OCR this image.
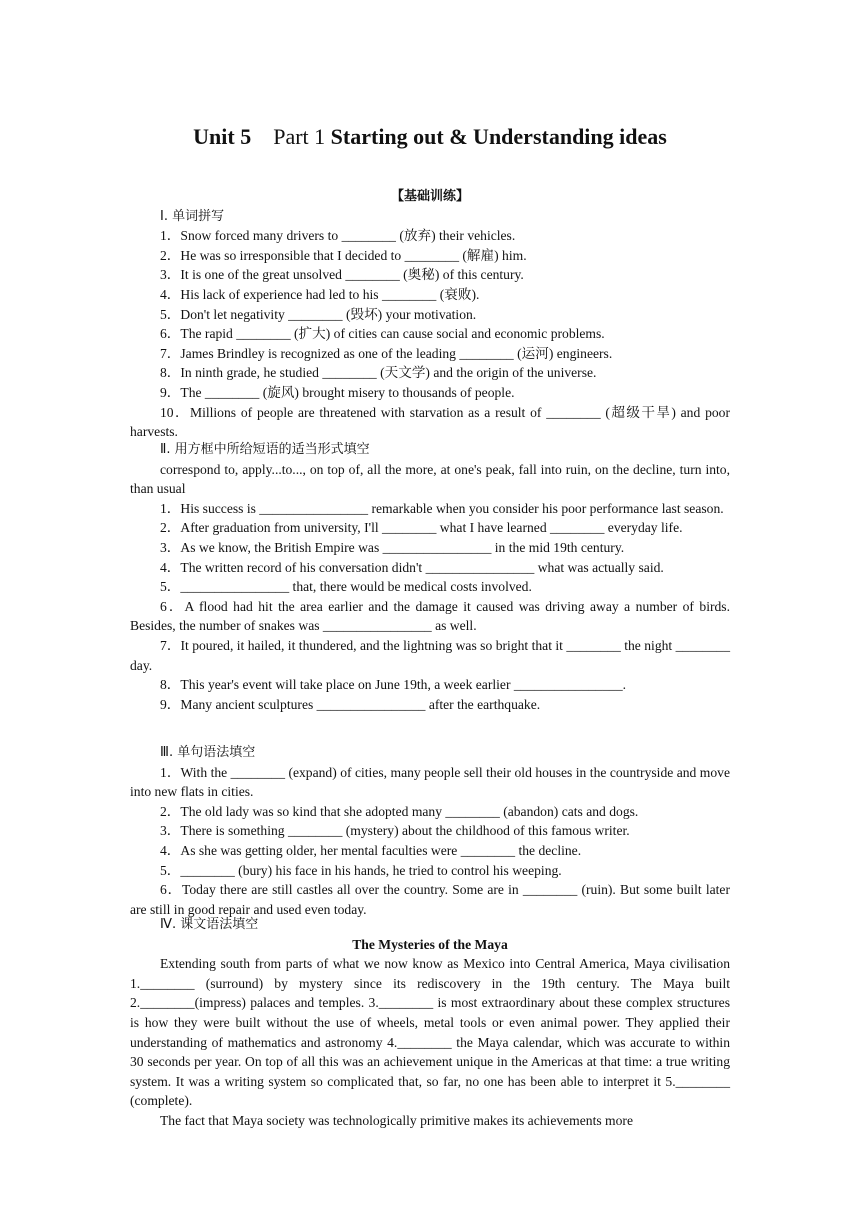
Unit 5 Part 1 Starting out & Understanding ideas

【基础训练】

Ⅰ. 单词拼写

1．Snow forced many drivers to ________ (放弃) their vehicles.

2．He was so irresponsible that I decided to ________ (解雇) him.

3．It is one of the great unsolved ________ (奥秘) of this century.

4．His lack of experience had led to his ________ (衰败).

5．Don't let negativity ________ (毁坏) your motivation.

6．The rapid ________ (扩大) of cities can cause social and economic problems.

7．James Brindley is recognized as one of the leading ________ (运河) engineers.

8．In ninth grade, he studied ________ (天文学) and the origin of the universe.

9．The ________ (旋风) brought misery to thousands of people.

10．Millions of people are threatened with starvation as a result of ________ (超级干旱) and poor harvests.

Ⅱ. 用方框中所给短语的适当形式填空

correspond to, apply...to..., on top of, all the more, at one's peak, fall into ruin, on the decline, turn into, than usual

1．His success is ________________ remarkable when you consider his poor performance last season.

2．After graduation from university, I'll ________ what I have learned ________ everyday life.

3．As we know, the British Empire was ________________ in the mid 19th century.

4．The written record of his conversation didn't ________________ what was actually said.

5．________________ that, there would be medical costs involved.

6．A flood had hit the area earlier and the damage it caused was driving away a number of birds. Besides, the number of snakes was ________________ as well.

7．It poured, it hailed, it thundered, and the lightning was so bright that it ________ the night ________ day.

8．This year's event will take place on June 19th, a week earlier ________________.

9．Many ancient sculptures ________________ after the earthquake.

Ⅲ. 单句语法填空

1．With the ________ (expand) of cities, many people sell their old houses in the countryside and move into new flats in cities.

2．The old lady was so kind that she adopted many ________ (abandon) cats and dogs.

3．There is something ________ (mystery) about the childhood of this famous writer.

4．As she was getting older, her mental faculties were ________ the decline.

5．________ (bury) his face in his hands, he tried to control his weeping.

6．Today there are still castles all over the country. Some are in ________ (ruin). But some built later are still in good repair and used even today.

Ⅳ. 课文语法填空

The Mysteries of the Maya

Extending south from parts of what we now know as Mexico into Central America, Maya civilisation 1.________ (surround) by mystery since its rediscovery in the 19th century. The Maya built 2.________(impress) palaces and temples. 3.________ is most extraordinary about these complex structures is how they were built without the use of wheels, metal tools or even animal power. They applied their understanding of mathematics and astronomy 4.________ the Maya calendar, which was accurate to within 30 seconds per year. On top of all this was an achievement unique in the Americas at that time: a true writing system. It was a writing system so complicated that, so far, no one has been able to interpret it 5.________ (complete).

The fact that Maya society was technologically primitive makes its achievements more
